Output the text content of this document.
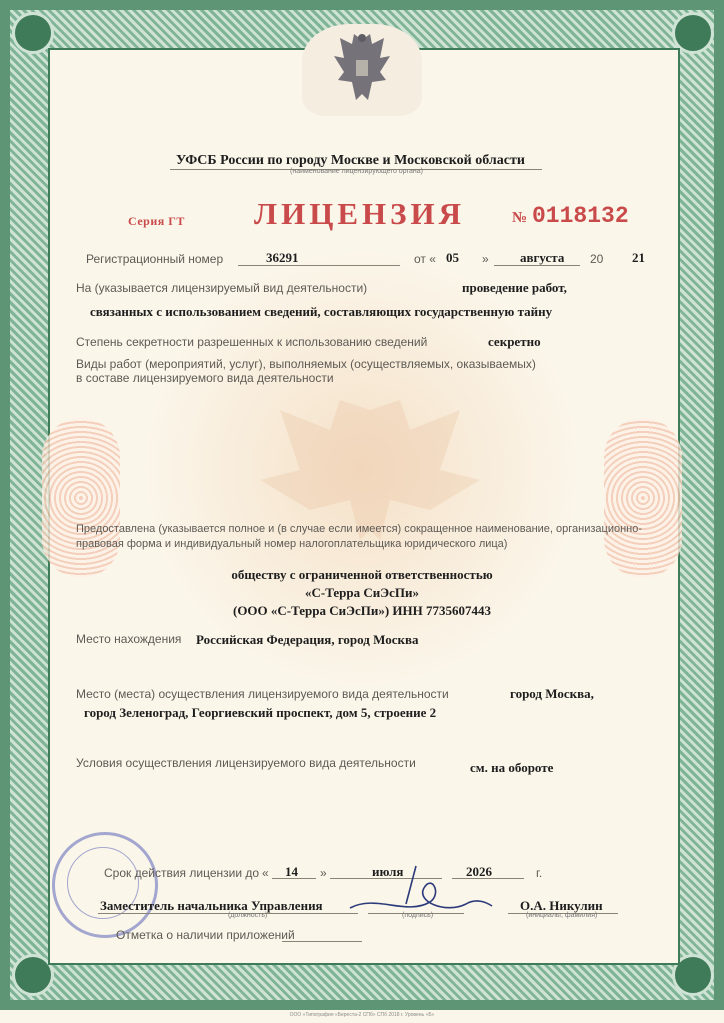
УФСБ России по городу Москве и Московской области
(наименование лицензирующего органа)
Серия ГТ ЛИЦЕНЗИЯ	№ 0118132
Регистрационный номер	36291	от « 05 » августа 20 21
На (указывается лицензируемый вид деятельности)	проведение работ,
связанных с использованием сведений, составляющих государственную тайну
Степень секретности разрешенных к использованию сведений	секретно
Виды работ (мероприятий, услуг), выполняемых (осуществляемых, оказываемых)
в составе лицензируемого вида деятельности
Предоставлена (указывается полное и (в случае если имеется) сокращенное наименование, организационно-
правовая форма и индивидуальный номер налогоплательщика юридического лица)
обществу с ограниченной ответственностью
«С-Терра СиЭсПи»
(ООО «С-Терра СиЭсПи») ИНН 7735607443
Место нахождения Российская Федерация, город Москва
Место (места) осуществления лицензируемого вида деятельности	город Москва,
город Зеленоград, Георгиевский проспект, дом 5, строение 2
Условия осуществления лицензируемого вида деятельности	см. на обороте
Срок действия лицензии до « 14 »	июля	2026	г.
Заместитель начальника Управления
(должность)	(подпись)
О.А. Никулин
(инициалы, фамилия)
Отметка о наличии приложений
ООО «Типография «Береста-2 СПб» СПб 2018 г. Уровень «Б»
